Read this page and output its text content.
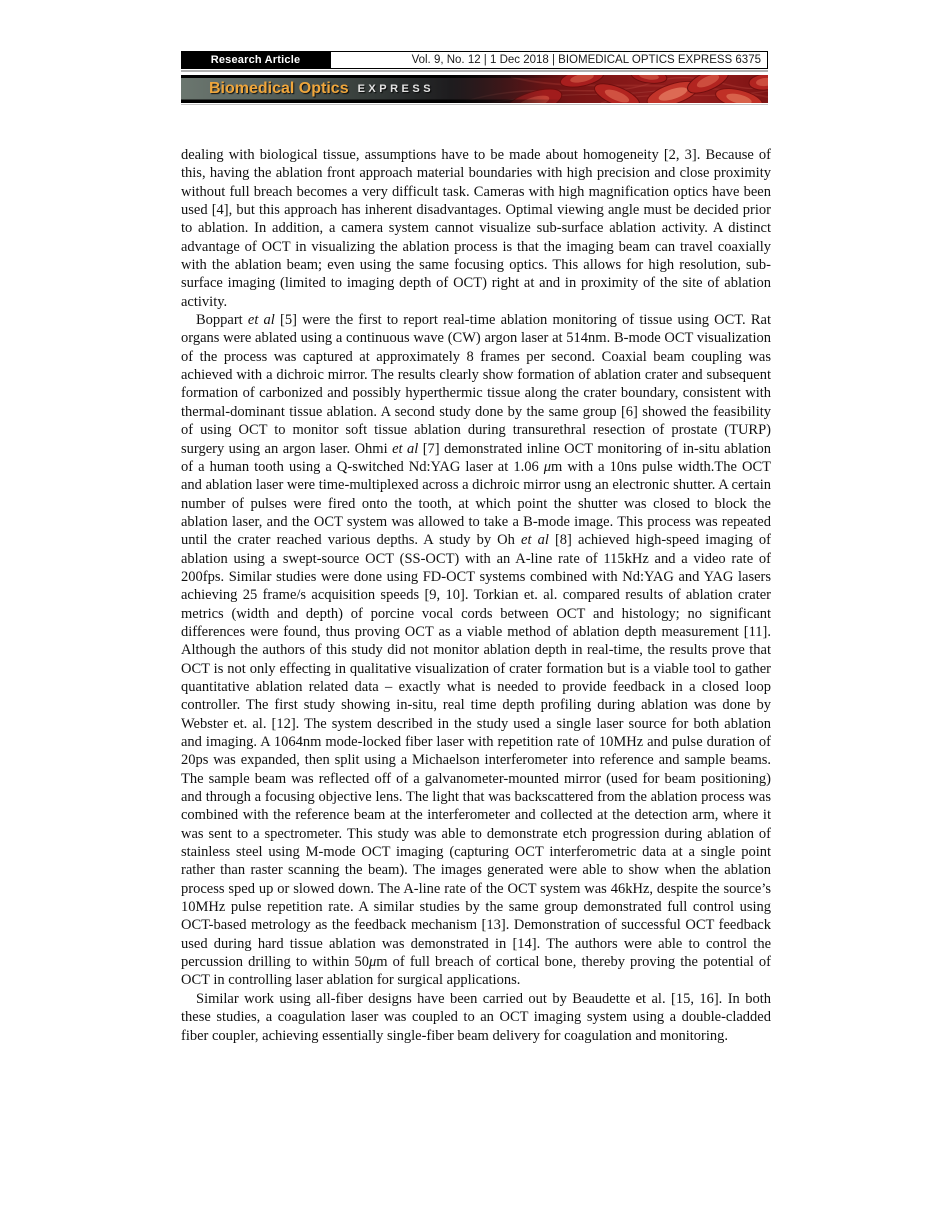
Research Article	Vol. 9, No. 12 | 1 Dec 2018 | BIOMEDICAL OPTICS EXPRESS 6375
Biomedical Optics EXPRESS

dealing with biological tissue, assumptions have to be made about homogeneity [2, 3]. Because of this, having the ablation front approach material boundaries with high precision and close proximity without full breach becomes a very difficult task. Cameras with high magnification optics have been used [4], but this approach has inherent disadvantages. Optimal viewing angle must be decided prior to ablation. In addition, a camera system cannot visualize sub-surface ablation activity. A distinct advantage of OCT in visualizing the ablation process is that the imaging beam can travel coaxially with the ablation beam; even using the same focusing optics. This allows for high resolution, sub-surface imaging (limited to imaging depth of OCT) right at and in proximity of the site of ablation activity.

Boppart et al [5] were the first to report real-time ablation monitoring of tissue using OCT. Rat organs were ablated using a continuous wave (CW) argon laser at 514nm. B-mode OCT visualization of the process was captured at approximately 8 frames per second. Coaxial beam coupling was achieved with a dichroic mirror. The results clearly show formation of ablation crater and subsequent formation of carbonized and possibly hyperthermic tissue along the crater boundary, consistent with thermal-dominant tissue ablation. A second study done by the same group [6] showed the feasibility of using OCT to monitor soft tissue ablation during transurethral resection of prostate (TURP) surgery using an argon laser. Ohmi et al [7] demonstrated inline OCT monitoring of in-situ ablation of a human tooth using a Q-switched Nd:YAG laser at 1.06 μm with a 10ns pulse width.The OCT and ablation laser were time-multiplexed across a dichroic mirror usng an electronic shutter. A certain number of pulses were fired onto the tooth, at which point the shutter was closed to block the ablation laser, and the OCT system was allowed to take a B-mode image. This process was repeated until the crater reached various depths. A study by Oh et al [8] achieved high-speed imaging of ablation using a swept-source OCT (SS-OCT) with an A-line rate of 115kHz and a video rate of 200fps. Similar studies were done using FD-OCT systems combined with Nd:YAG and YAG lasers achieving 25 frame/s acquisition speeds [9, 10]. Torkian et. al. compared results of ablation crater metrics (width and depth) of porcine vocal cords between OCT and histology; no significant differences were found, thus proving OCT as a viable method of ablation depth measurement [11]. Although the authors of this study did not monitor ablation depth in real-time, the results prove that OCT is not only effecting in qualitative visualization of crater formation but is a viable tool to gather quantitative ablation related data – exactly what is needed to provide feedback in a closed loop controller. The first study showing in-situ, real time depth profiling during ablation was done by Webster et. al. [12]. The system described in the study used a single laser source for both ablation and imaging. A 1064nm mode-locked fiber laser with repetition rate of 10MHz and pulse duration of 20ps was expanded, then split using a Michaelson interferometer into reference and sample beams. The sample beam was reflected off of a galvanometer-mounted mirror (used for beam positioning) and through a focusing objective lens. The light that was backscattered from the ablation process was combined with the reference beam at the interferometer and collected at the detection arm, where it was sent to a spectrometer. This study was able to demonstrate etch progression during ablation of stainless steel using M-mode OCT imaging (capturing OCT interferometric data at a single point rather than raster scanning the beam). The images generated were able to show when the ablation process sped up or slowed down. The A-line rate of the OCT system was 46kHz, despite the source’s 10MHz pulse repetition rate. A similar studies by the same group demonstrated full control using OCT-based metrology as the feedback mechanism [13]. Demonstration of successful OCT feedback used during hard tissue ablation was demonstrated in [14]. The authors were able to control the percussion drilling to within 50μm of full breach of cortical bone, thereby proving the potential of OCT in controlling laser ablation for surgical applications.

Similar work using all-fiber designs have been carried out by Beaudette et al. [15, 16]. In both these studies, a coagulation laser was coupled to an OCT imaging system using a double-cladded fiber coupler, achieving essentially single-fiber beam delivery for coagulation and monitoring.
